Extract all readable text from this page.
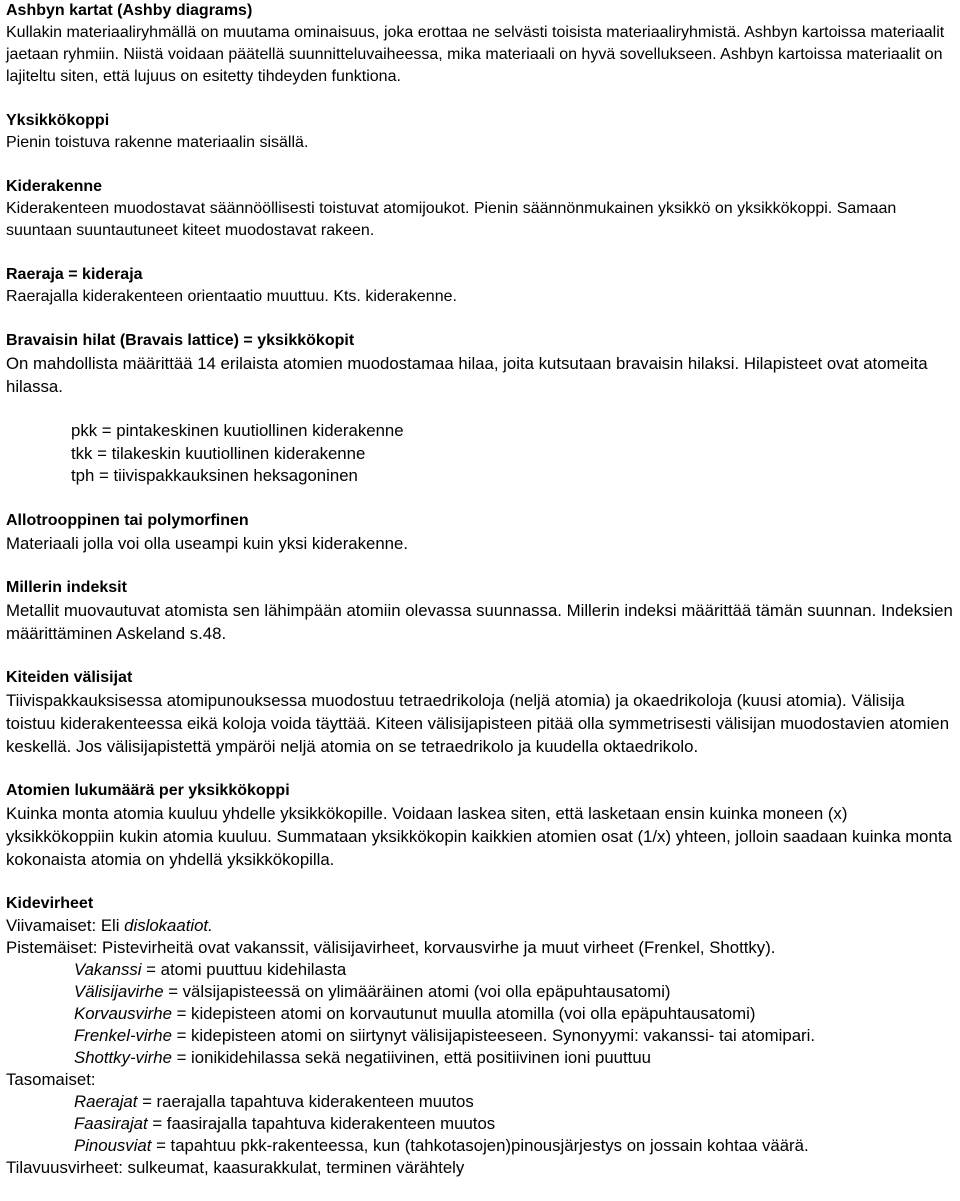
Ashbyn kartat (Ashby diagrams)
Kullakin materiaaliryhmällä on muutama ominaisuus, joka erottaa ne selvästi toisista materiaaliryhmistä. Ashbyn kartoissa materiaalit jaetaan ryhmiin. Niistä voidaan päätellä suunnitteluvaiheessa, mika materiaali on hyvä sovellukseen. Ashbyn kartoissa materiaalit on lajiteltu siten, että lujuus on esitetty tihdeyden funktiona.
Yksikkökoppi
Pienin toistuva rakenne materiaalin sisällä.
Kiderakenne
Kiderakenteen muodostavat säännööllisesti toistuvat atomijoukot. Pienin säännönmukainen yksikkö on yksikkökoppi. Samaan suuntaan suuntautuneet kiteet muodostavat rakeen.
Raeraja = kideraja
Raerajalla kiderakenteen orientaatio muuttuu. Kts. kiderakenne.
Bravaisin hilat (Bravais lattice) = yksikkökopit
On mahdollista määrittää 14 erilaista atomien muodostamaa hilaa, joita kutsutaan bravaisin hilaksi. Hilapisteet ovat atomeita hilassa.
pkk = pintakeskinen kuutiollinen kiderakenne
tkk = tilakeskin kuutiollinen kiderakenne
tph = tiivispakkauksinen heksagoninen
Allotrooppinen tai polymorfinen
Materiaali jolla voi olla useampi kuin yksi kiderakenne.
Millerin indeksit
Metallit muovautuvat atomista sen lähimpään atomiin olevassa suunnassa. Millerin indeksi määrittää tämän suunnan. Indeksien määrittäminen Askeland s.48.
Kiteiden välisijat
Tiivispakkauksisessa atomipunouksessa muodostuu tetraedrikoloja (neljä atomia) ja okaedrikoloja (kuusi atomia). Välisija toistuu kiderakenteessa eikä koloja voida täyttää. Kiteen välisijapisteen pitää olla symmetrisesti välisijan muodostavien atomien keskellä. Jos välisijapistettä ympäröi neljä atomia on se tetraedrikolo ja kuudella oktaedrikolo.
Atomien lukumäärä per yksikkökoppi
Kuinka monta atomia kuuluu yhdelle yksikkökopille. Voidaan laskea siten, että lasketaan ensin kuinka moneen (x) yksikkökoppiin kukin atomia kuuluu. Summataan yksikkökopin kaikkien atomien osat (1/x) yhteen, jolloin saadaan kuinka monta kokonaista atomia on yhdellä yksikkökopilla.
Kidevirheet
Viivamaiset: Eli dislokaatiot.
Pistemäiset: Pistevirheitä ovat vakanssit, välisijavirheet, korvausvirhe ja muut virheet (Frenkel, Shottky).
Vakanssi = atomi puuttuu kidehilasta
Välisijavirhe = välsijapisteessä on ylimääräinen atomi (voi olla epäpuhtausatomi)
Korvausvirhe = kidepisteen atomi on korvautunut muulla atomilla (voi olla epäpuhtausatomi)
Frenkel-virhe = kidepisteen atomi on siirtynyt välisijapisteeseen. Synonyymi: vakanssi- tai atomipari.
Shottky-virhe = ionikidehilassa sekä negatiivinen, että positiivinen ioni puuttuu
Tasomaiset:
Raerajat = raerajalla tapahtuva kiderakenteen muutos
Faasirajat = faasirajalla tapahtuva kiderakenteen muutos
Pinousviat = tapahtuu pkk-rakenteessa, kun (tahkotasojen)pinousjärjestys on jossain kohtaa väärä.
Tilavuusvirheet: sulkeumat, kaasurakkulat, terminen värähtely
